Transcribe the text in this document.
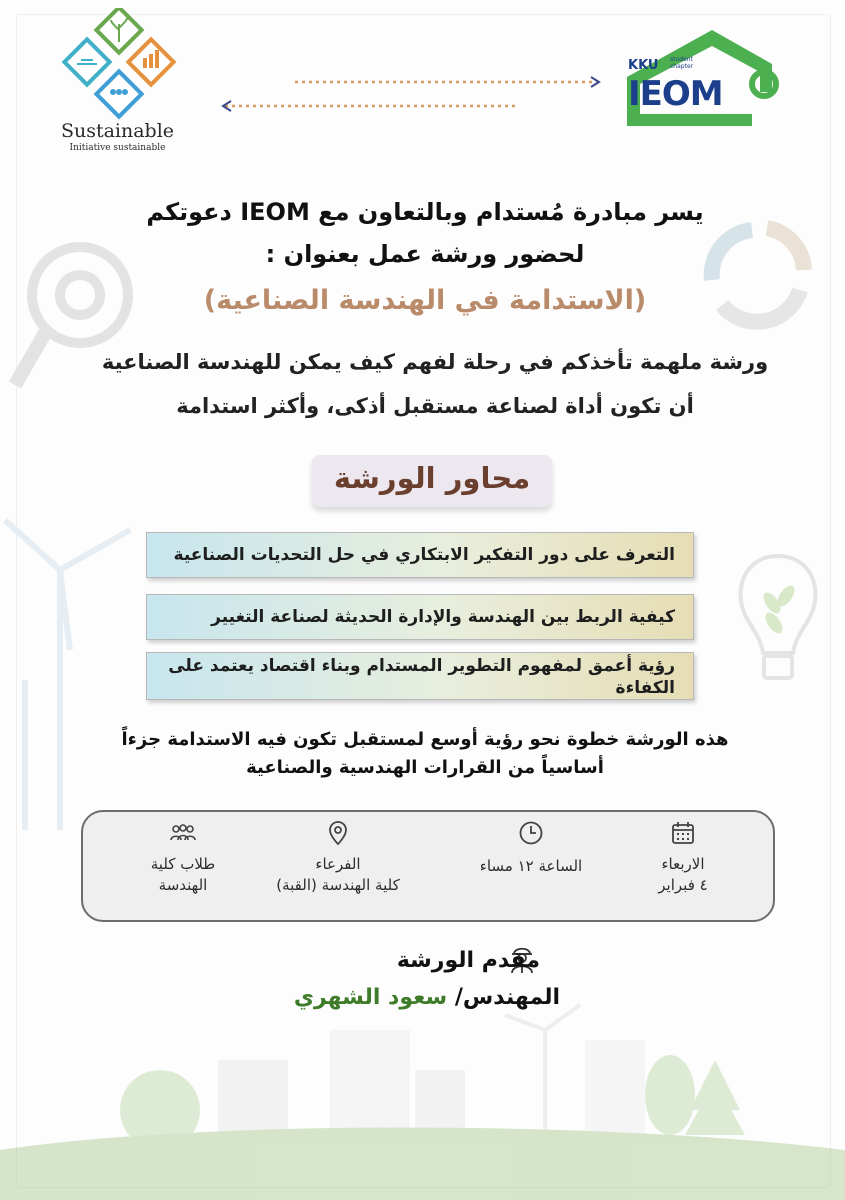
Sustainable
Initiative sustainable
KKU student
chapter
IEOM
يسر مبادرة مُستدام وبالتعاون مع IEOM دعوتكم
لحضور ورشة عمل بعنوان :
(الاستدامة في الهندسة الصناعية)
ورشة ملهمة تأخذكم في رحلة لفهم كيف يمكن للهندسة الصناعية أن تكون أداة لصناعة مستقبل أذكى، وأكثر استدامة
محاور الورشة
التعرف على دور التفكير الابتكاري في حل التحديات الصناعية
كيفية الربط بين الهندسة والإدارة الحديثة لصناعة التغيير
رؤية أعمق لمفهوم التطوير المستدام وبناء اقتصاد يعتمد على الكفاءة
هذه الورشة خطوة نحو رؤية أوسع لمستقبل تكون فيه الاستدامة جزءاً أساسياً من القرارات الهندسية والصناعية
الاربعاء
٤ فبراير
الساعة ١٢ مساء
الفرعاء
كلية الهندسة (القبة)
طلاب كلية
الهندسة
مقدم الورشة
المهندس/ سعود الشهري
